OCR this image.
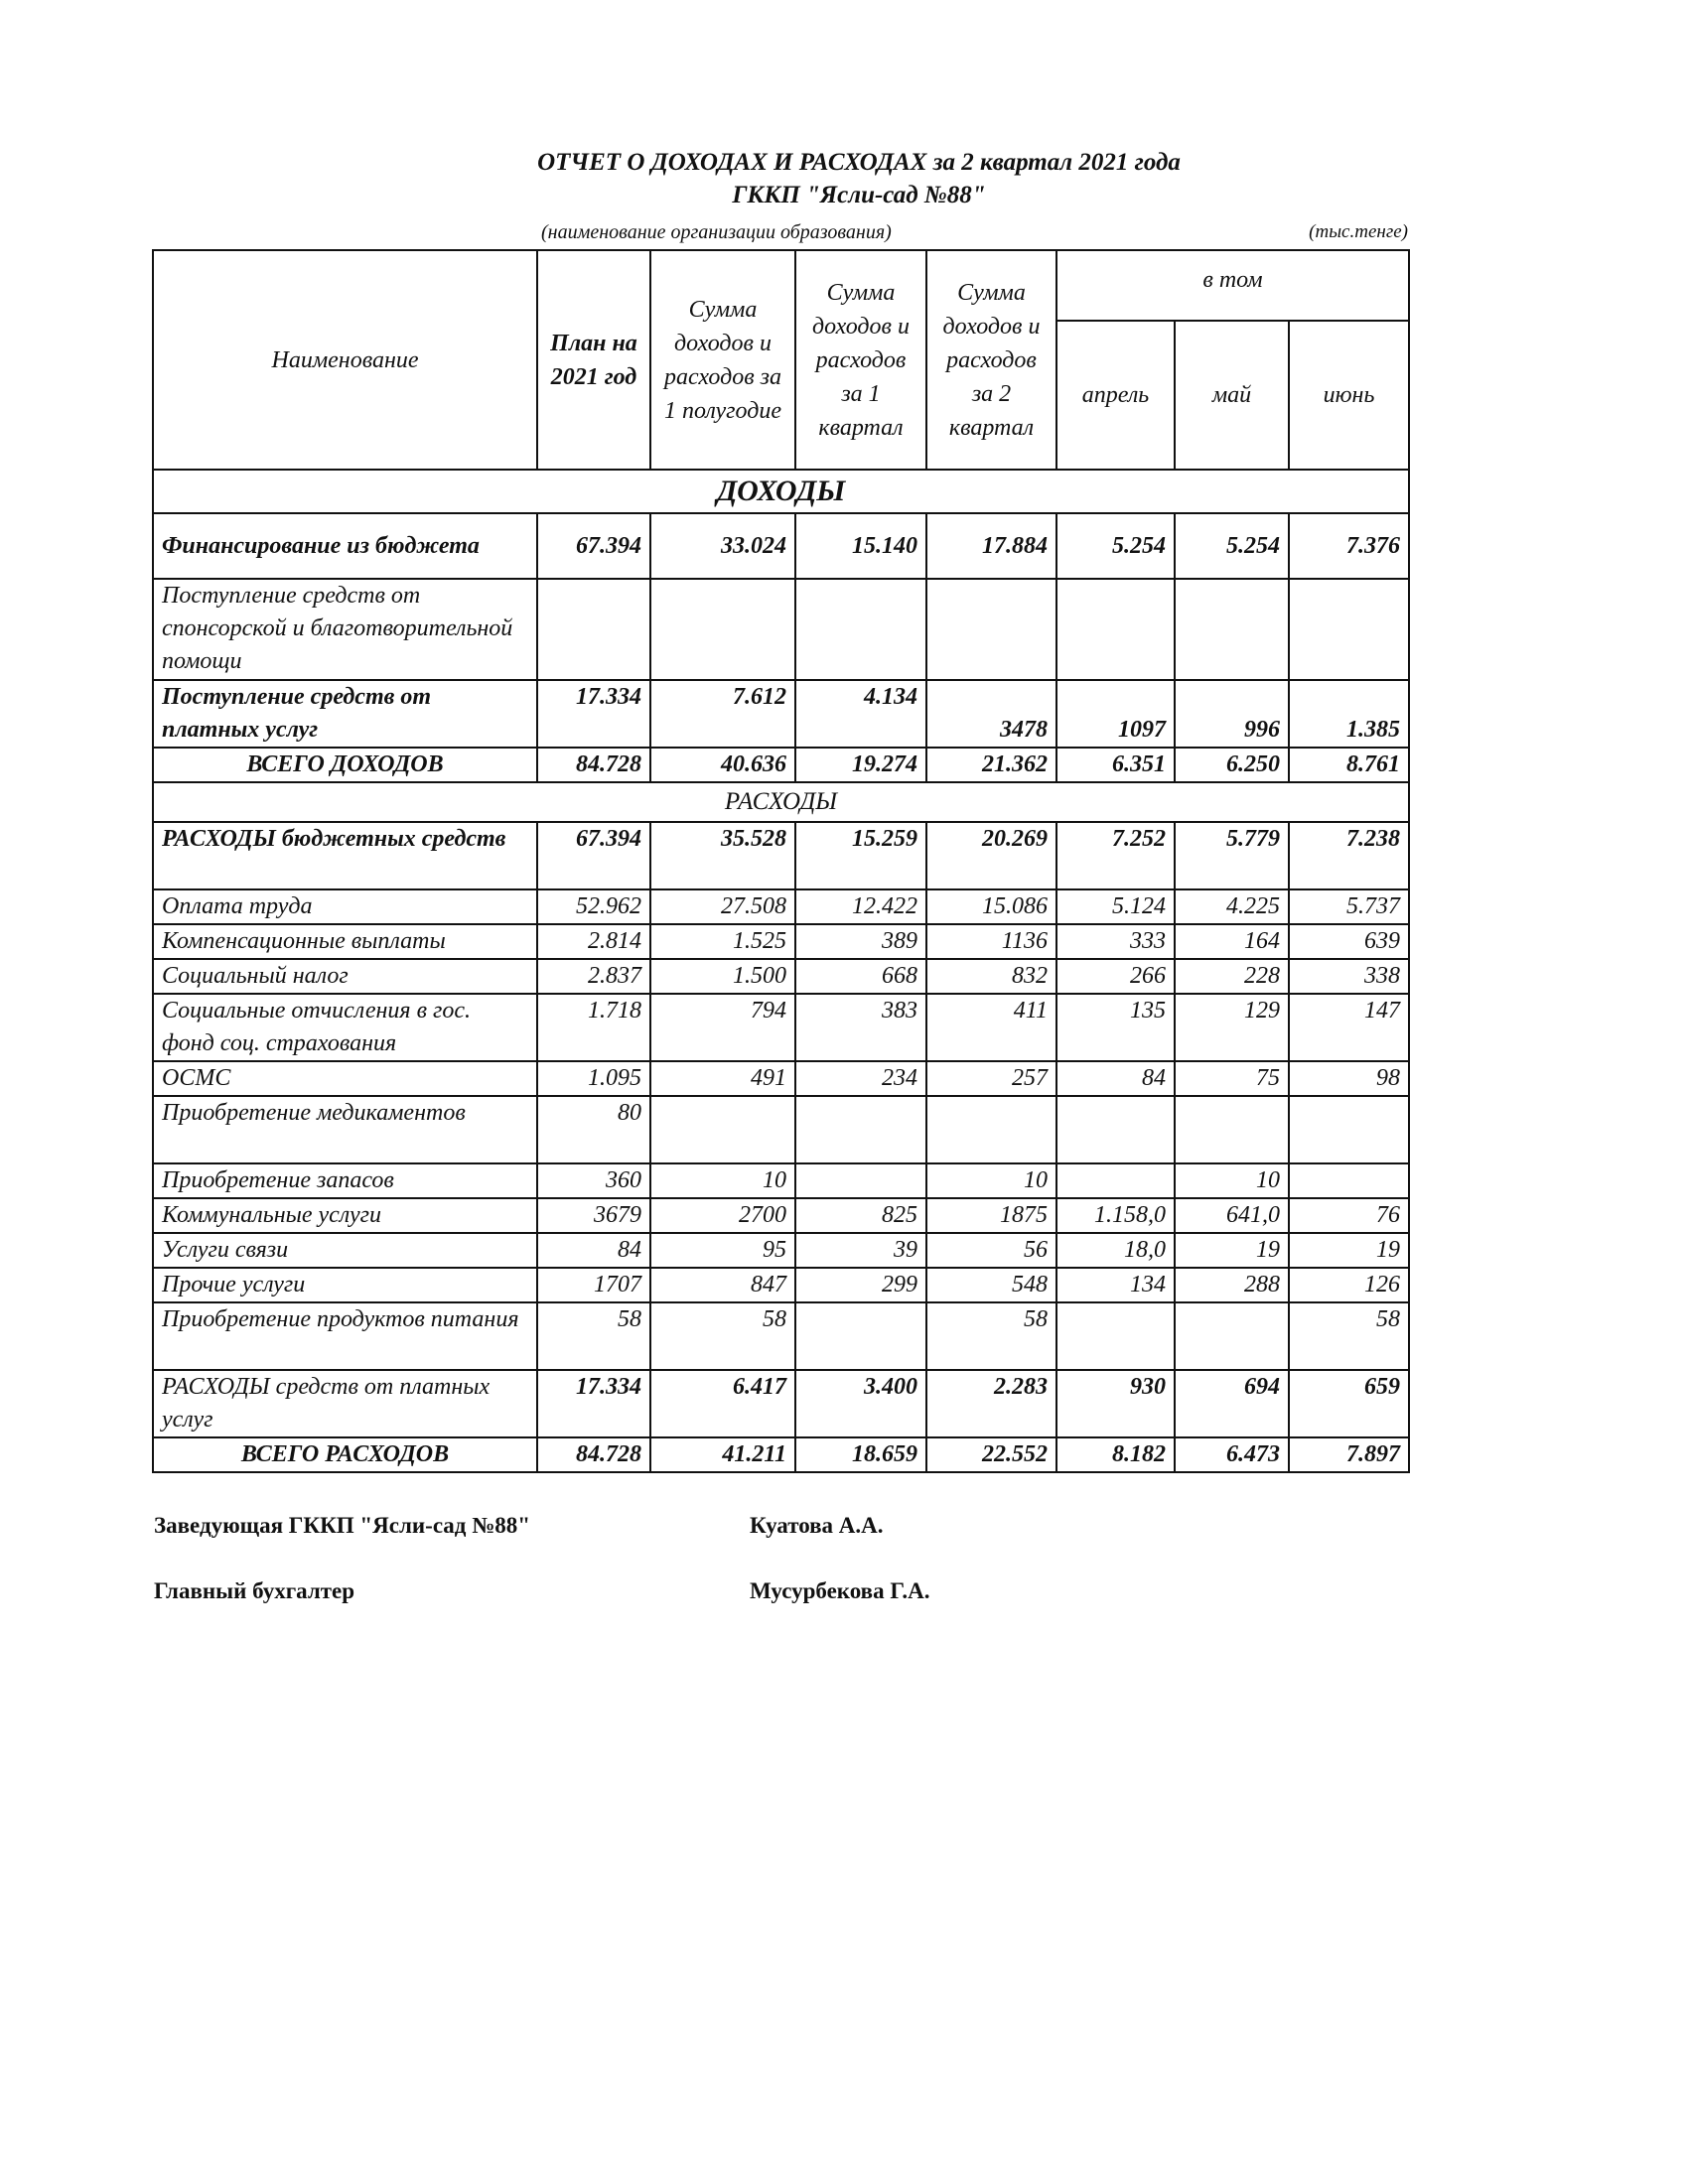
ОТЧЕТ О ДОХОДАХ И РАСХОДАХ за 2 квартал 2021 года
ГККП "Ясли-сад №88"
(наименование организации образования)	(тыс.тенге)
Наименование	План на 2021 год	Сумма доходов и расходов за 1 полугодие	Сумма доходов и расходов за 1 квартал	Сумма доходов и расходов за 2 квартал	в том		
					апрель	май	июнь
ДОХОДЫ							
Финансирование из бюджета	67.394	33.024	15.140	17.884	5.254	5.254	7.376
Поступление средств от спонсорской и благотворительной помощи							
Поступление средств от платных услуг	17.334	7.612	4.134	3478	1097	996	1.385
ВСЕГО ДОХОДОВ	84.728	40.636	19.274	21.362	6.351	6.250	8.761
РАСХОДЫ							
РАСХОДЫ бюджетных средств	67.394	35.528	15.259	20.269	7.252	5.779	7.238
Оплата труда	52.962	27.508	12.422	15.086	5.124	4.225	5.737
Компенсационные выплаты	2.814	1.525	389	1136	333	164	639
Социальный налог	2.837	1.500	668	832	266	228	338
Социальные отчисления в гос. фонд соц. страхования	1.718	794	383	411	135	129	147
ОСМС	1.095	491	234	257	84	75	98
Приобретение медикаментов	80						
Приобретение запасов	360	10		10		10	
Коммунальные услуги	3679	2700	825	1875	1.158,0	641,0	76
Услуги связи	84	95	39	56	18,0	19	19
Прочие услуги	1707	847	299	548	134	288	126
Приобретение продуктов питания	58	58		58			58
РАСХОДЫ средств от платных услуг	17.334	6.417	3.400	2.283	930	694	659
ВСЕГО РАСХОДОВ	84.728	41.211	18.659	22.552	8.182	6.473	7.897
Заведующая ГККП "Ясли-сад №88"	Куатова А.А.
Главный бухгалтер	Мусурбекова Г.А.
